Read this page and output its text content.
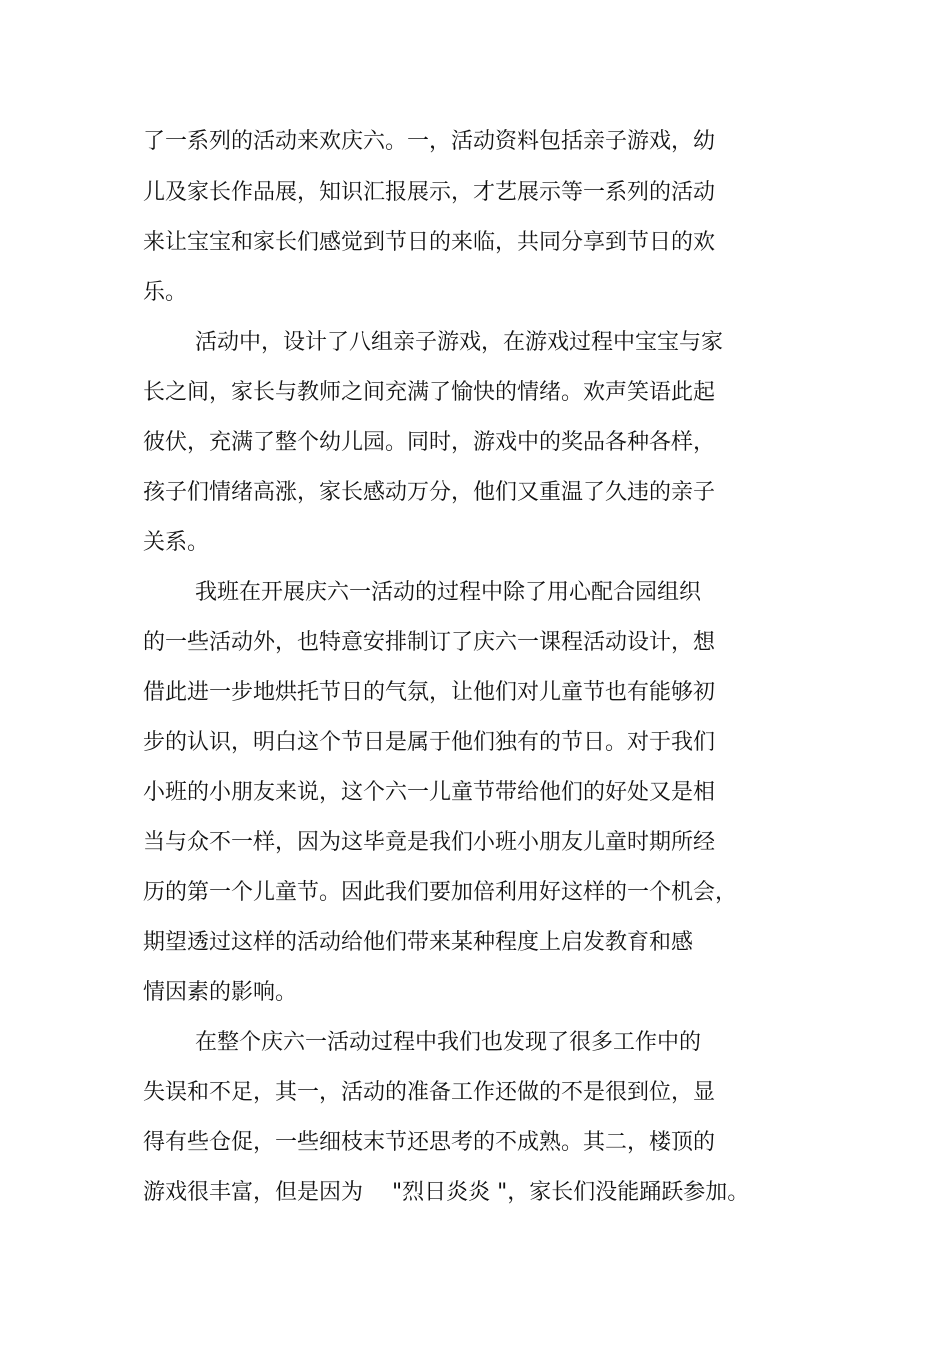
了一系列的活动来欢庆六。一，活动资料包括亲子游戏，幼
儿及家长作品展，知识汇报展示，才艺展示等一系列的活动
来让宝宝和家长们感觉到节日的来临，共同分享到节日的欢
乐。
活动中，设计了八组亲子游戏，在游戏过程中宝宝与家
长之间，家长与教师之间充满了愉快的情绪。欢声笑语此起
彼伏，充满了整个幼儿园。同时，游戏中的奖品各种各样，
孩子们情绪高涨，家长感动万分，他们又重温了久违的亲子
关系。
我班在开展庆六一活动的过程中除了用心配合园组织
的一些活动外，也特意安排制订了庆六一课程活动设计，想
借此进一步地烘托节日的气氛，让他们对儿童节也有能够初
步的认识，明白这个节日是属于他们独有的节日。对于我们
小班的小朋友来说，这个六一儿童节带给他们的好处又是相
当与众不一样，因为这毕竟是我们小班小朋友儿童时期所经
历的第一个儿童节。因此我们要加倍利用好这样的一个机会，
期望透过这样的活动给他们带来某种程度上启发教育和感
情因素的影响。
在整个庆六一活动过程中我们也发现了很多工作中的
失误和不足，其一，活动的准备工作还做的不是很到位，显
得有些仓促，一些细枝末节还思考的不成熟。其二，楼顶的
游戏很丰富，但是因为　 "烈日炎炎 "，家长们没能踊跃参加。
